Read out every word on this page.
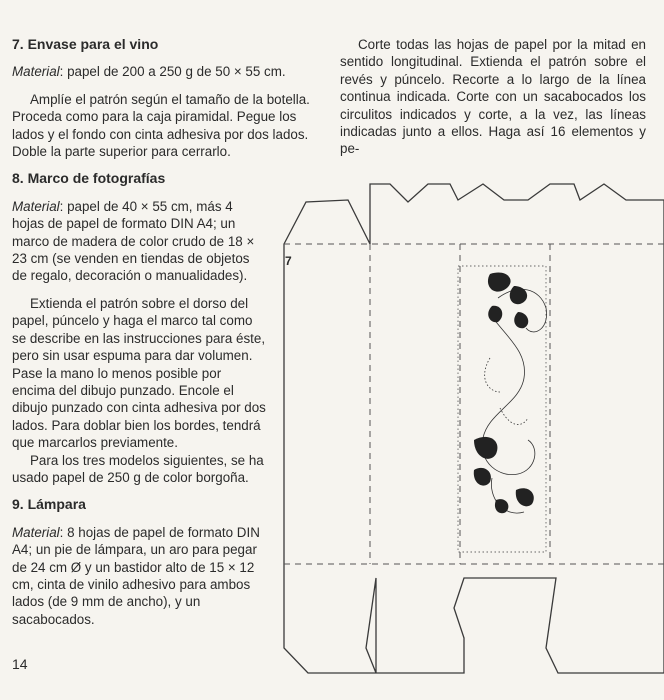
7. Envase para el vino

Material: papel de 200 a 250 g de 50 × 55 cm.

Amplíe el patrón según el tamaño de la botella. Proceda como para la caja piramidal. Pegue los lados y el fondo con cinta adhesiva por dos lados. Doble la parte superior para cerrarlo.

8. Marco de fotografías

Material: papel de 40 × 55 cm, más 4 hojas de papel de formato DIN A4; un marco de madera de color crudo de 18 × 23 cm (se venden en tiendas de objetos de regalo, decoración o manualidades).

Extienda el patrón sobre el dorso del papel, púncelo y haga el marco tal como se describe en las instrucciones para éste, pero sin usar espuma para dar volumen. Pase la mano lo menos posible por encima del dibujo punzado. Encole el dibujo punzado con cinta adhesiva por dos lados. Para doblar bien los bordes, tendrá que marcarlos previamente.

Para los tres modelos siguientes, se ha usado papel de 250 g de color borgoña.

9. Lámpara

Material: 8 hojas de papel de formato DIN A4; un pie de lámpara, un aro para pegar de 24 cm Ø y un bastidor alto de 15 × 12 cm, cinta de vinilo adhesivo para ambos lados (de 9 mm de ancho), y un sacabocados.

Corte todas las hojas de papel por la mitad en sentido longitudinal. Extienda el patrón sobre el revés y púncelo. Recorte a lo largo de la línea continua indicada. Corte con un sacabocados los circulitos indicados y corte, a la vez, las líneas indicadas junto a ellos. Haga así 16 elementos y pe-

7
14
